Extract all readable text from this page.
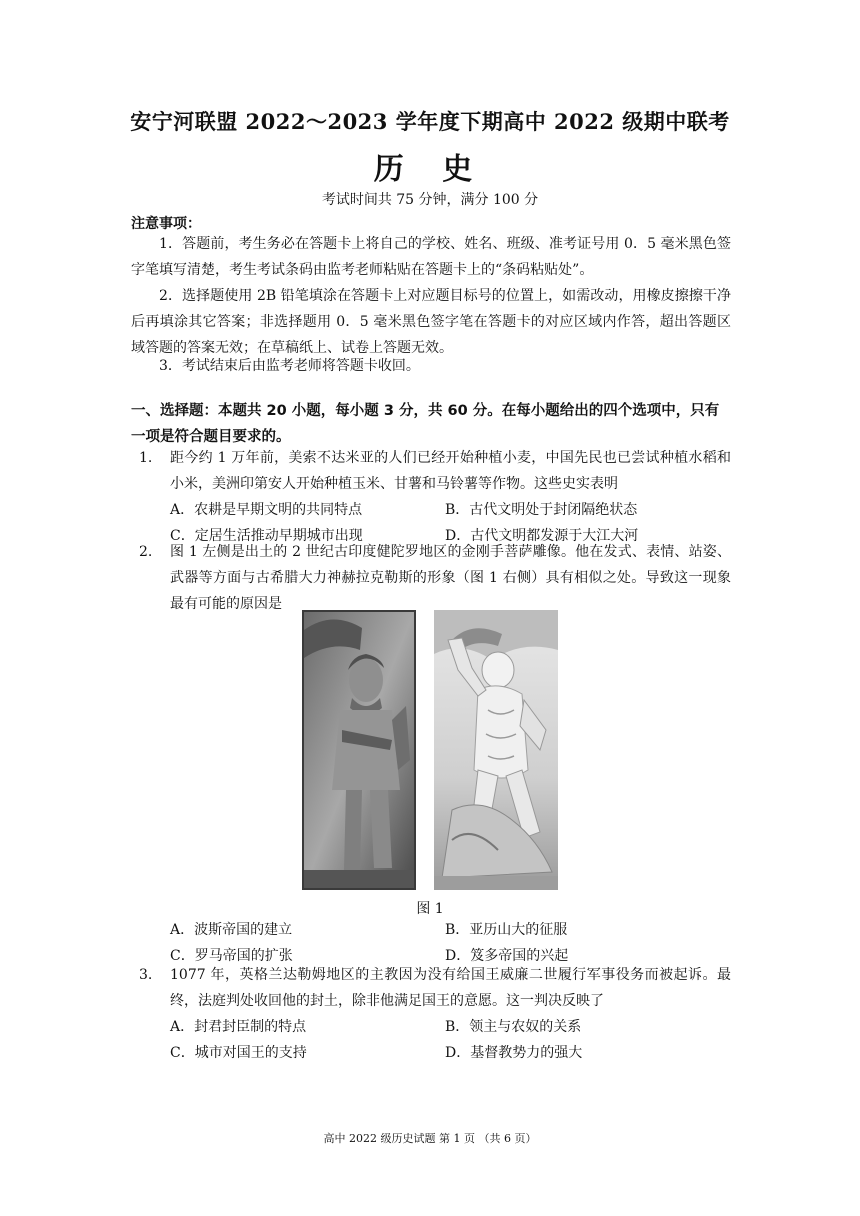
安宁河联盟 2022～2023 学年度下期高中 2022 级期中联考
历 史
考试时间共 75 分钟，满分 100 分
注意事项：
1．答题前，考生务必在答题卡上将自己的学校、姓名、班级、准考证号用 0．5 毫米黑色签字笔填写清楚，考生考试条码由监考老师粘贴在答题卡上的“条码粘贴处”。
2．选择题使用 2B 铅笔填涂在答题卡上对应题目标号的位置上，如需改动，用橡皮擦擦干净后再填涂其它答案；非选择题用 0．5 毫米黑色签字笔在答题卡的对应区域内作答，超出答题区域答题的答案无效；在草稿纸上、试卷上答题无效。
3．考试结束后由监考老师将答题卡收回。
一、选择题：本题共 20 小题，每小题 3 分，共 60 分。在每小题给出的四个选项中，只有一项是符合题目要求的。
1. 距今约 1 万年前，美索不达米亚的人们已经开始种植小麦，中国先民也已尝试种植水稻和小米，美洲印第安人开始种植玉米、甘薯和马铃薯等作物。这些史实表明
A．农耕是早期文明的共同特点	B．古代文明处于封闭隔绝状态
C．定居生活推动早期城市出现	D．古代文明都发源于大江大河
2. 图 1 左侧是出土的 2 世纪古印度健陀罗地区的金刚手菩萨雕像。他在发式、表情、站姿、武器等方面与古希腊大力神赫拉克勒斯的形象（图 1 右侧）具有相似之处。导致这一现象最有可能的原因是
图 1
A．波斯帝国的建立	B．亚历山大的征服
C．罗马帝国的扩张	D．笈多帝国的兴起
3. 1077 年，英格兰达勒姆地区的主教因为没有给国王威廉二世履行军事役务而被起诉。最终，法庭判处收回他的封土，除非他满足国王的意愿。这一判决反映了
A．封君封臣制的特点	B．领主与农奴的关系
C．城市对国王的支持	D．基督教势力的强大
高中 2022 级历史试题 第 1 页 （共 6 页）
